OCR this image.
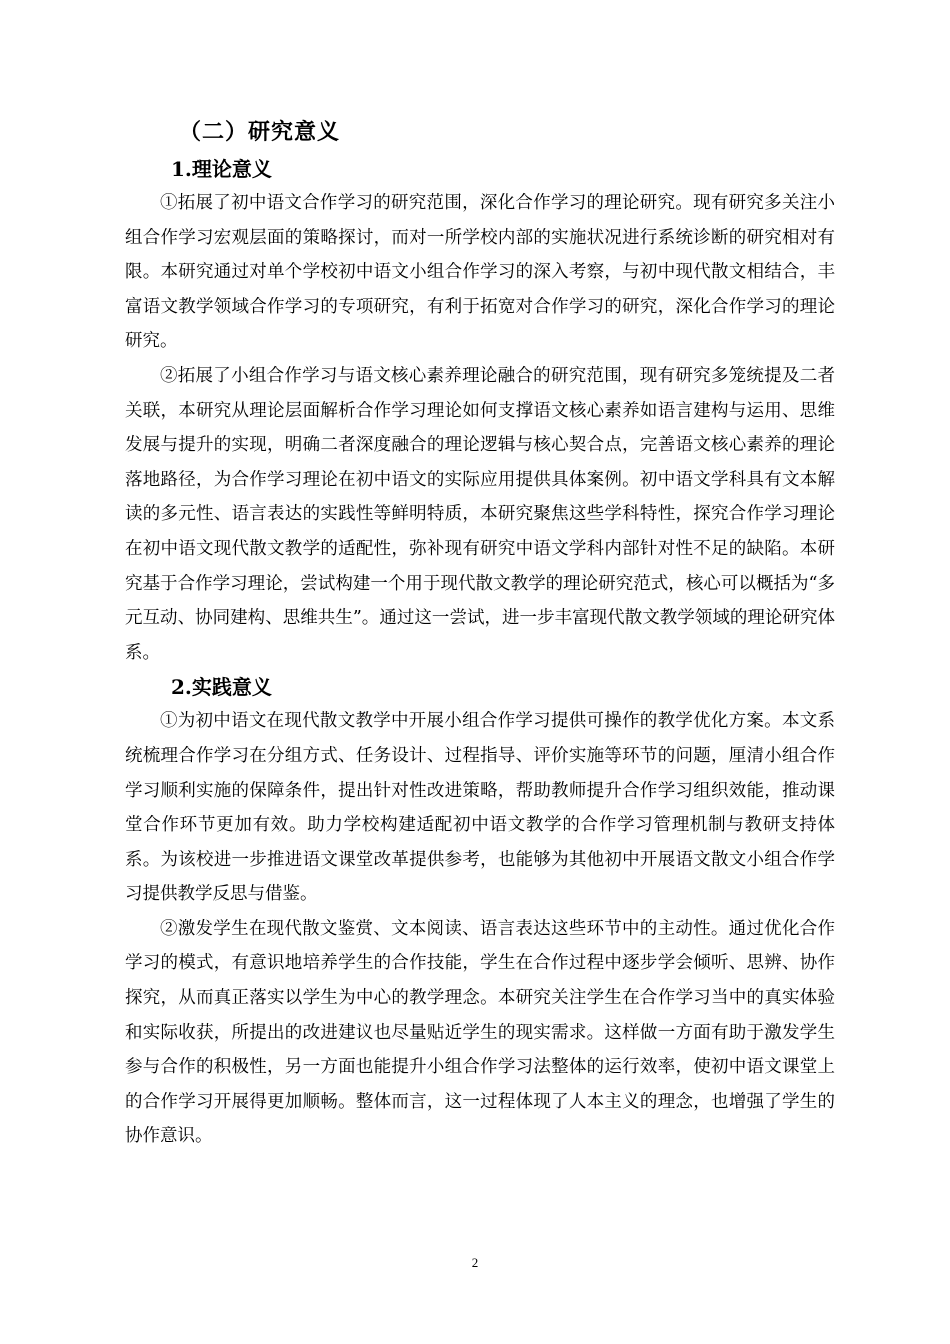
（二）研究意义
1.理论意义

①拓展了初中语文合作学习的研究范围，深化合作学习的理论研究。现有研究多关注小组合作学习宏观层面的策略探讨，而对一所学校内部的实施状况进行系统诊断的研究相对有限。本研究通过对单个学校初中语文小组合作学习的深入考察，与初中现代散文相结合，丰富语文教学领域合作学习的专项研究，有利于拓宽对合作学习的研究，深化合作学习的理论研究。

②拓展了小组合作学习与语文核心素养理论融合的研究范围，现有研究多笼统提及二者关联，本研究从理论层面解析合作学习理论如何支撑语文核心素养如语言建构与运用、思维发展与提升的实现，明确二者深度融合的理论逻辑与核心契合点，完善语文核心素养的理论落地路径，为合作学习理论在初中语文的实际应用提供具体案例。初中语文学科具有文本解读的多元性、语言表达的实践性等鲜明特质，本研究聚焦这些学科特性，探究合作学习理论在初中语文现代散文教学的适配性，弥补现有研究中语文学科内部针对性不足的缺陷。本研究基于合作学习理论，尝试构建一个用于现代散文教学的理论研究范式，核心可以概括为“多元互动、协同建构、思维共生”。通过这一尝试，进一步丰富现代散文教学领域的理论研究体系。

2.实践意义

①为初中语文在现代散文教学中开展小组合作学习提供可操作的教学优化方案。本文系统梳理合作学习在分组方式、任务设计、过程指导、评价实施等环节的问题，厘清小组合作学习顺利实施的保障条件，提出针对性改进策略，帮助教师提升合作学习组织效能，推动课堂合作环节更加有效。助力学校构建适配初中语文教学的合作学习管理机制与教研支持体系。为该校进一步推进语文课堂改革提供参考，也能够为其他初中开展语文散文小组合作学习提供教学反思与借鉴。

②激发学生在现代散文鉴赏、文本阅读、语言表达这些环节中的主动性。通过优化合作学习的模式，有意识地培养学生的合作技能，学生在合作过程中逐步学会倾听、思辨、协作探究，从而真正落实以学生为中心的教学理念。本研究关注学生在合作学习当中的真实体验和实际收获，所提出的改进建议也尽量贴近学生的现实需求。这样做一方面有助于激发学生参与合作的积极性，另一方面也能提升小组合作学习法整体的运行效率，使初中语文课堂上的合作学习开展得更加顺畅。整体而言，这一过程体现了人本主义的理念，也增强了学生的协作意识。

2
